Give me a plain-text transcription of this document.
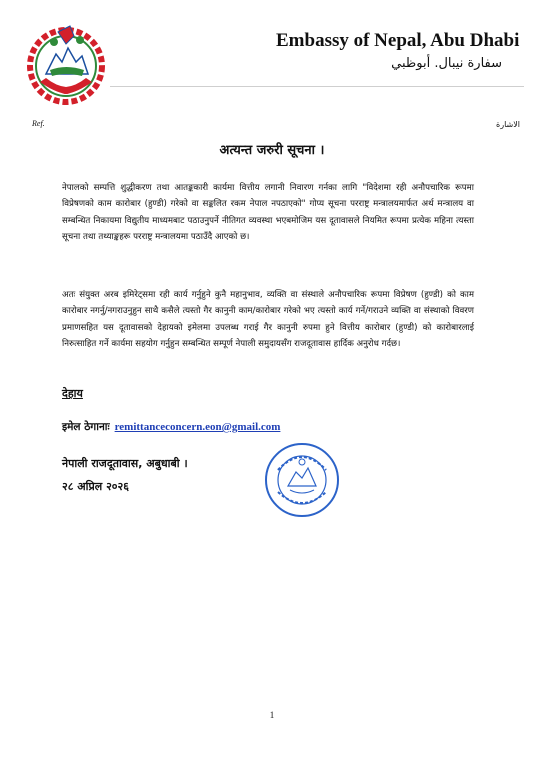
Embassy of Nepal, Abu Dhabi
سفارة نيبال. أبوظبي
Ref.	الاشارة
अत्यन्त जरुरी सूचना ।
नेपालको सम्पत्ति शुद्धीकरण तथा आतङ्ककारी कार्यमा वित्तीय लगानी निवारण गर्नका लागि "विदेशमा रही अनौपचारिक रूपमा विप्रेषणको काम कारोबार (हुण्डी) गरेको वा सङ्कलित रकम नेपाल नपठाएको" गोप्य सूचना परराष्ट्र मन्त्रालयमार्फत अर्थ मन्त्रालय वा सम्बन्धित निकायमा विद्युतीय माध्यमबाट पठाउनुपर्ने नीतिगत व्यवस्था भएबमोजिम यस दूतावासले नियमित रूपमा प्रत्येक महिना त्यस्ता सूचना तथा तथ्याङ्कहरू परराष्ट्र मन्त्रालयमा पठाउँदै आएको छ।
अतः संयुक्त अरब इमिरेट्समा रही कार्य गर्नुहुने कुनै महानुभाव, व्यक्ति वा संस्थाले अनौपचारिक रूपमा विप्रेषण (हुण्डी) को काम कारोबार नगर्नु/नगराउनुहुन साथै कसैले त्यस्तो गैर कानुनी काम/कारोबार गरेको भए त्यस्तो कार्य गर्ने/गराउने व्यक्ति वा संस्थाको विवरण प्रमाणसहित यस दूतावासको देहायको इमेलमा उपलब्ध गराई गैर कानुनी रुपमा हुने वित्तीय कारोबार (हुण्डी) को कारोबारलाई निरुत्साहित गर्ने कार्यमा सहयोग गर्नुहुन सम्बन्धित सम्पूर्ण नेपाली समुदायसँग राजदूतावास हार्दिक अनुरोध गर्दछ।
देहाय
इमेल ठेगानाः remittanceconcern.eon@gmail.com
नेपाली राजदूतावास, अबुधाबी ।
२८ अप्रिल २०२६
1
